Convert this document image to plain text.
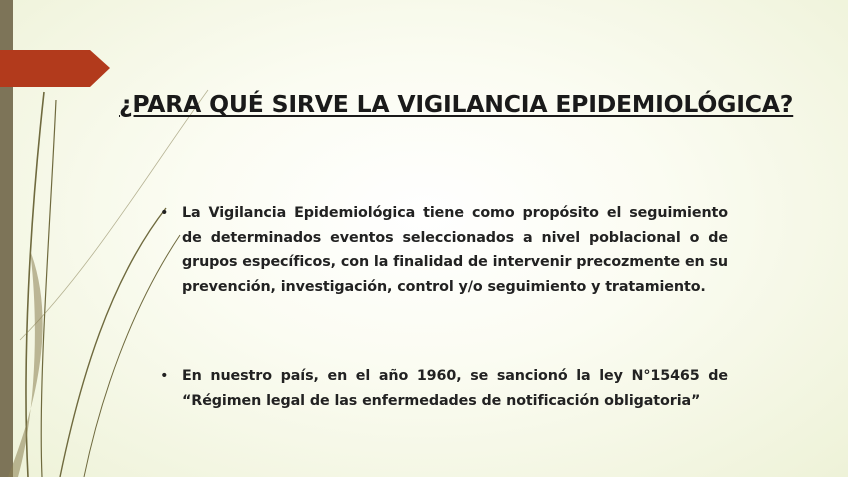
¿PARA QUÉ SIRVE LA VIGILANCIA EPIDEMIOLÓGICA?
• La Vigilancia Epidemiológica tiene como propósito el seguimiento de determinados eventos seleccionados a nivel poblacional o de grupos específicos, con la finalidad de intervenir precozmente en su prevención, investigación, control y/o seguimiento y tratamiento.

• En nuestro país, en el año 1960, se sancionó la ley N°15465 de “Régimen legal de las enfermedades de notificación obligatoria”
